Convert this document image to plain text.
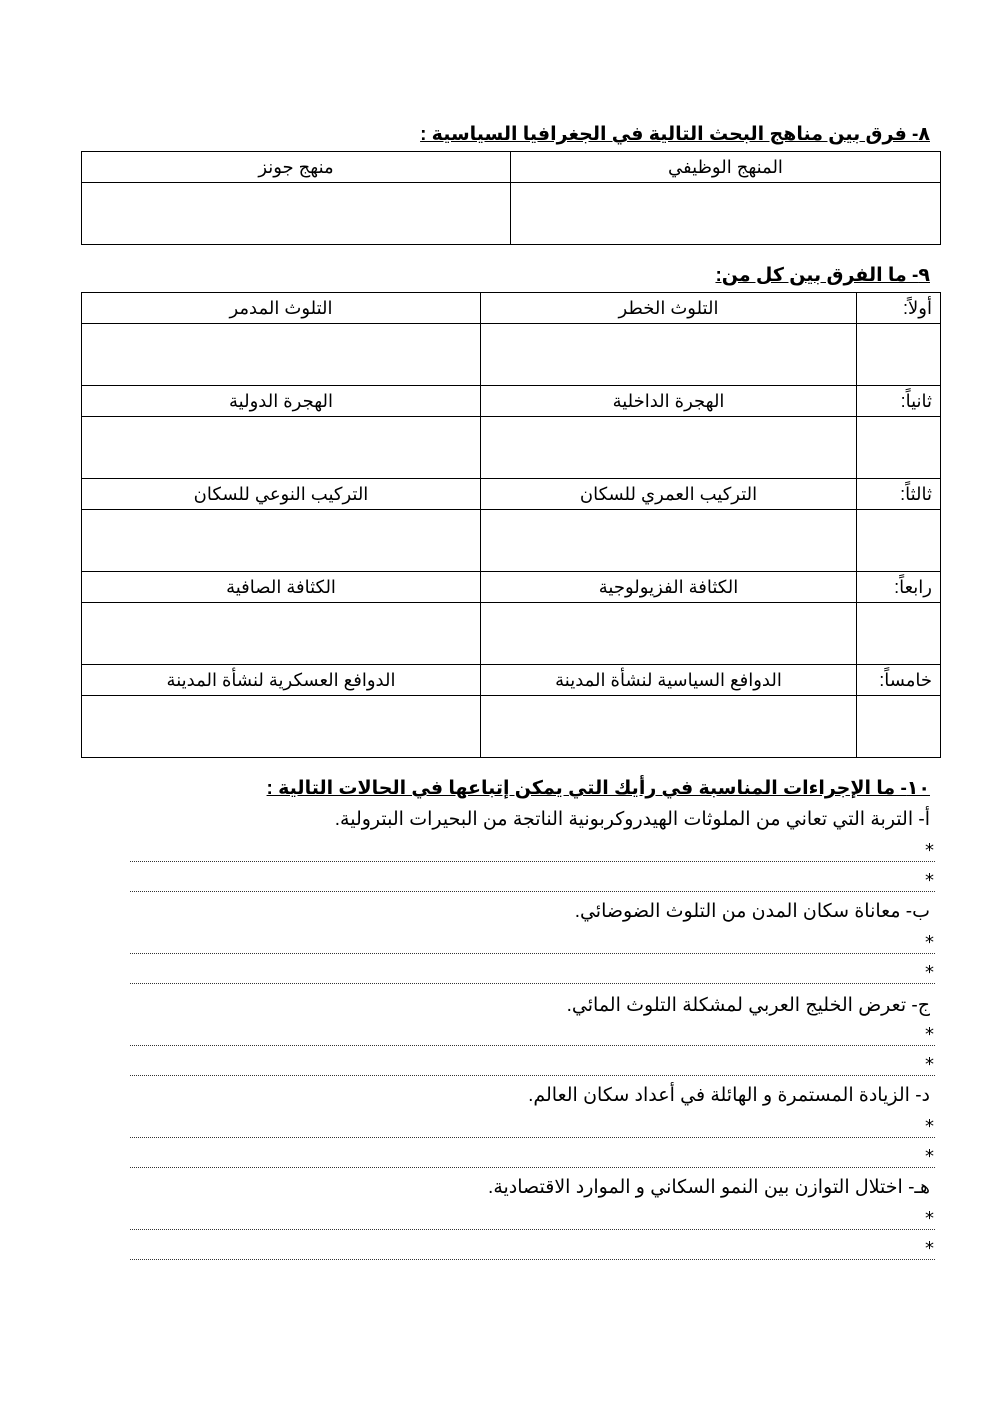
٨- فرق بين مناهج البحث التالية في الجغرافيا السياسية :
المنهج الوظيفي	منهج جونز

٩- ما الفرق بين كل من:
أولاً:	التلوث الخطر	التلوث المدمر

ثانياً:	الهجرة الداخلية	الهجرة الدولية

ثالثاً:	التركيب العمري للسكان	التركيب النوعي للسكان

رابعاً:	الكثافة الفزيولوجية	الكثافة الصافية

خامساً:	الدوافع السياسية لنشأة المدينة	الدوافع العسكرية لنشأة المدينة

١٠- ما الإجراءات المناسبة في رأيك التي يمكن إتباعها في الحالات التالية :
أ- التربة التي تعاني من الملوثات الهيدروكربونية الناتجة من البحيرات البترولية.
*
*
ب- معاناة سكان المدن من التلوث الضوضائي.
*
*
ج- تعرض الخليج العربي لمشكلة التلوث المائي.
*
*
د- الزيادة المستمرة و الهائلة في أعداد سكان العالم.
*
*
هـ- اختلال التوازن بين النمو السكاني و الموارد الاقتصادية.
*
*
